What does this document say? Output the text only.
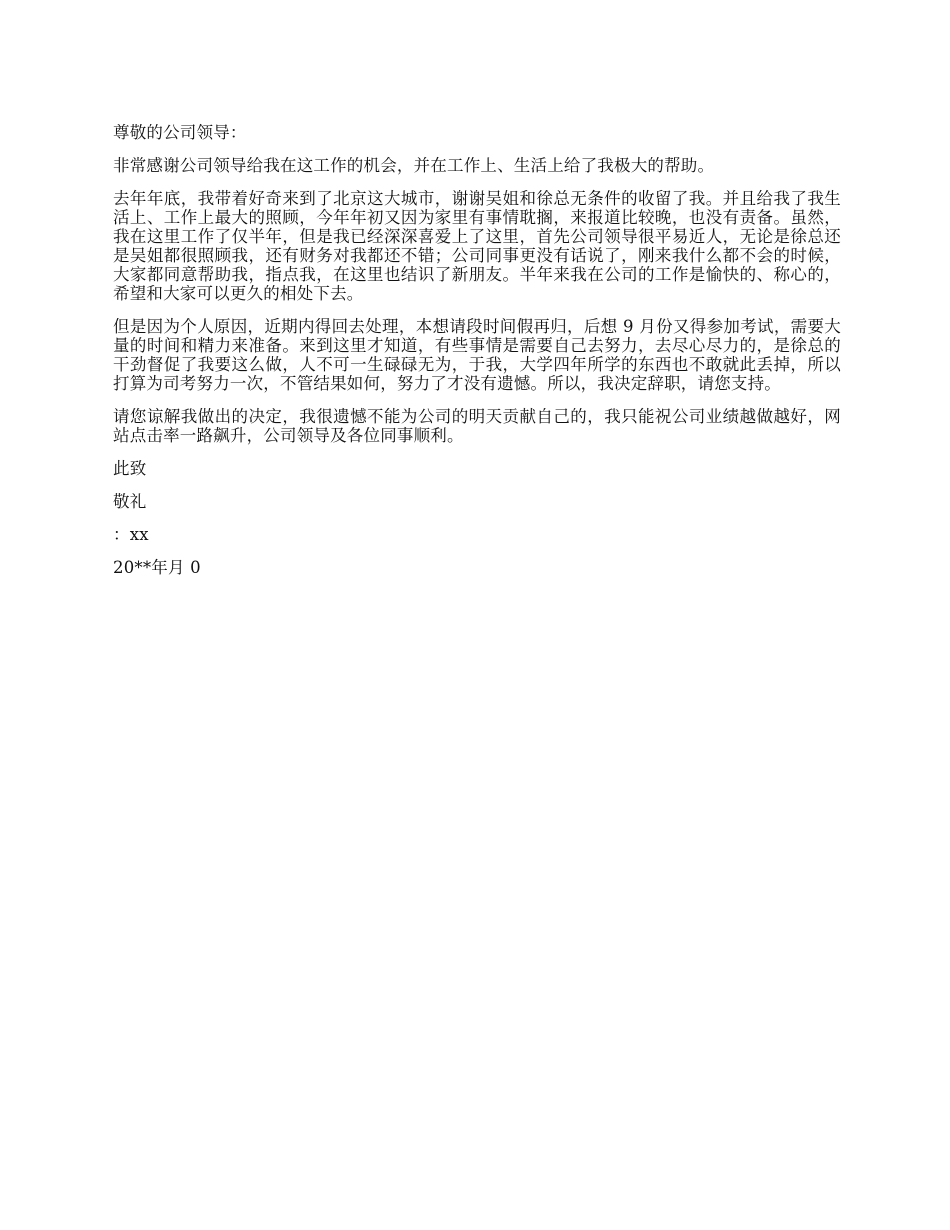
尊敬的公司领导：

非常感谢公司领导给我在这工作的机会，并在工作上、生活上给了我极大的帮助。

去年年底，我带着好奇来到了北京这大城市，谢谢吴姐和徐总无条件的收留了我。并且给我了我生活上、工作上最大的照顾，今年年初又因为家里有事情耽搁，来报道比较晚，也没有责备。虽然，我在这里工作了仅半年，但是我已经深深喜爱上了这里，首先公司领导很平易近人，无论是徐总还是吴姐都很照顾我，还有财务对我都还不错；公司同事更没有话说了，刚来我什么都不会的时候，大家都同意帮助我，指点我，在这里也结识了新朋友。半年来我在公司的工作是愉快的、称心的，希望和大家可以更久的相处下去。

但是因为个人原因，近期内得回去处理，本想请段时间假再归，后想 9 月份又得参加考试，需要大量的时间和精力来准备。来到这里才知道，有些事情是需要自己去努力，去尽心尽力的，是徐总的干劲督促了我要这么做，人不可一生碌碌无为，于我，大学四年所学的东西也不敢就此丢掉，所以打算为司考努力一次，不管结果如何，努力了才没有遗憾。所以，我决定辞职，请您支持。

请您谅解我做出的决定，我很遗憾不能为公司的明天贡献自己的，我只能祝公司业绩越做越好，网站点击率一路飙升，公司领导及各位同事顺利。

此致

敬礼

：xx

20**年月 0
